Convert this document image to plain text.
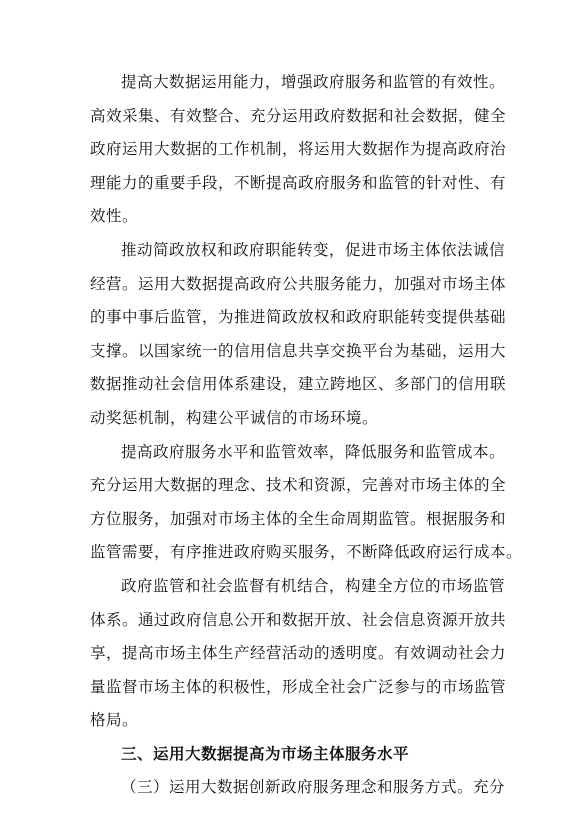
提高大数据运用能力，增强政府服务和监管的有效性。
高效采集、有效整合、充分运用政府数据和社会数据，健全
政府运用大数据的工作机制，将运用大数据作为提高政府治
理能力的重要手段，不断提高政府服务和监管的针对性、有
效性。
推动简政放权和政府职能转变，促进市场主体依法诚信
经营。运用大数据提高政府公共服务能力，加强对市场主体
的事中事后监管，为推进简政放权和政府职能转变提供基础
支撑。以国家统一的信用信息共享交换平台为基础，运用大
数据推动社会信用体系建设，建立跨地区、多部门的信用联
动奖惩机制，构建公平诚信的市场环境。
提高政府服务水平和监管效率，降低服务和监管成本。
充分运用大数据的理念、技术和资源，完善对市场主体的全
方位服务，加强对市场主体的全生命周期监管。根据服务和
监管需要，有序推进政府购买服务，不断降低政府运行成本。
政府监管和社会监督有机结合，构建全方位的市场监管
体系。通过政府信息公开和数据开放、社会信息资源开放共
享，提高市场主体生产经营活动的透明度。有效调动社会力
量监督市场主体的积极性，形成全社会广泛参与的市场监管
格局。
三、运用大数据提高为市场主体服务水平
（三）运用大数据创新政府服务理念和服务方式。充分
